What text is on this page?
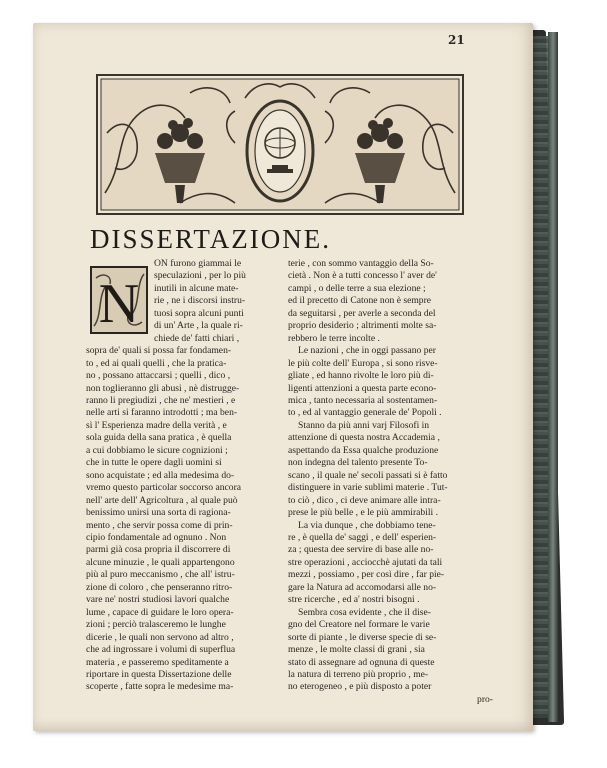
21
DISSERTAZIONE.
N
ON furono giammai le
speculazioni , per lo più
inutili in alcune mate-
rie , ne i discorsi instru-
tuosi sopra alcuni punti
di un' Arte , la quale ri-
chiede de' fatti chiari ,
sopra de' quali si possa far fondamen-
to , ed ai quali quelli , che la pratica-
no , possano attaccarsi ; quelli , dico ,
non toglieranno gli abusi , nè distrugge-
ranno li pregiudizi , che ne' mestieri , e
nelle arti si faranno introdotti ; ma ben-
sì l' Esperienza madre della verità , e
sola guida della sana pratica , è quella
a cui dobbiamo le sicure cognizioni ;
che in tutte le opere dagli uomini si
sono acquistate ; ed alla medesima do-
vremo questo particolar soccorso ancora
nell' arte dell' Agricoltura , al quale può
benissimo unirsi una sorta di ragiona-
mento , che servir possa come di prin-
cipio fondamentale ad ognuno . Non
parmi già cosa propria il discorrere di
alcune minuzie , le quali appartengono
più al puro meccanismo , che all' istru-
zione di coloro , che penseranno ritro-
vare ne' nostri studiosi lavori qualche
lume , capace di guidare le loro opera-
zioni ; perciò tralasceremo le lunghe
dicerie , le quali non servono ad altro ,
che ad ingrossare i volumi di superflua
materia , e passeremo speditamente a
riportare in questa Dissertazione delle
scoperte , fatte sopra le medesime ma-
terie , con sommo vantaggio della So-
cietà . Non è a tutti concesso l' aver de'
campi , o delle terre a sua elezione ;
ed il precetto di Catone non è sempre
da seguitarsi , per averle a seconda del
proprio desiderio ; altrimenti molte sa-
rebbero le terre incolte .
Le nazioni , che in oggi passano per
le più colte dell' Europa , si sono risve-
gliate , ed hanno rivolte le loro più di-
ligenti attenzioni a questa parte econo-
mica , tanto necessaria al sostentamen-
to , ed al vantaggio generale de' Popoli .
Stanno da più anni varj Filosofi in
attenzione di questa nostra Accademia ,
aspettando da Essa qualche produzione
non indegna del talento presente To-
scano , il quale ne' secoli passati si è fatto
distinguere in varie sublimi materie . Tut-
to ciò , dico , ci deve animare alle intra-
prese le più belle , e le più ammirabili .
La via dunque , che dobbiamo tene-
re , è quella de' saggi , e dell' esperien-
za ; questa dee servire di base alle no-
stre operazioni , acciocchè ajutati da tali
mezzi , possiamo , per così dire , far pie-
gare la Natura ad accomodarsi alle no-
stre ricerche , ed a' nostri bisogni .
Sembra cosa evidente , che il dise-
gno del Creatore nel formare le varie
sorte di piante , le diverse specie di se-
menze , le molte classi di grani , sia
stato di assegnare ad ognuna di queste
la natura di terreno più proprio , me-
no eterogeneo , e più disposto a poter
pro-
